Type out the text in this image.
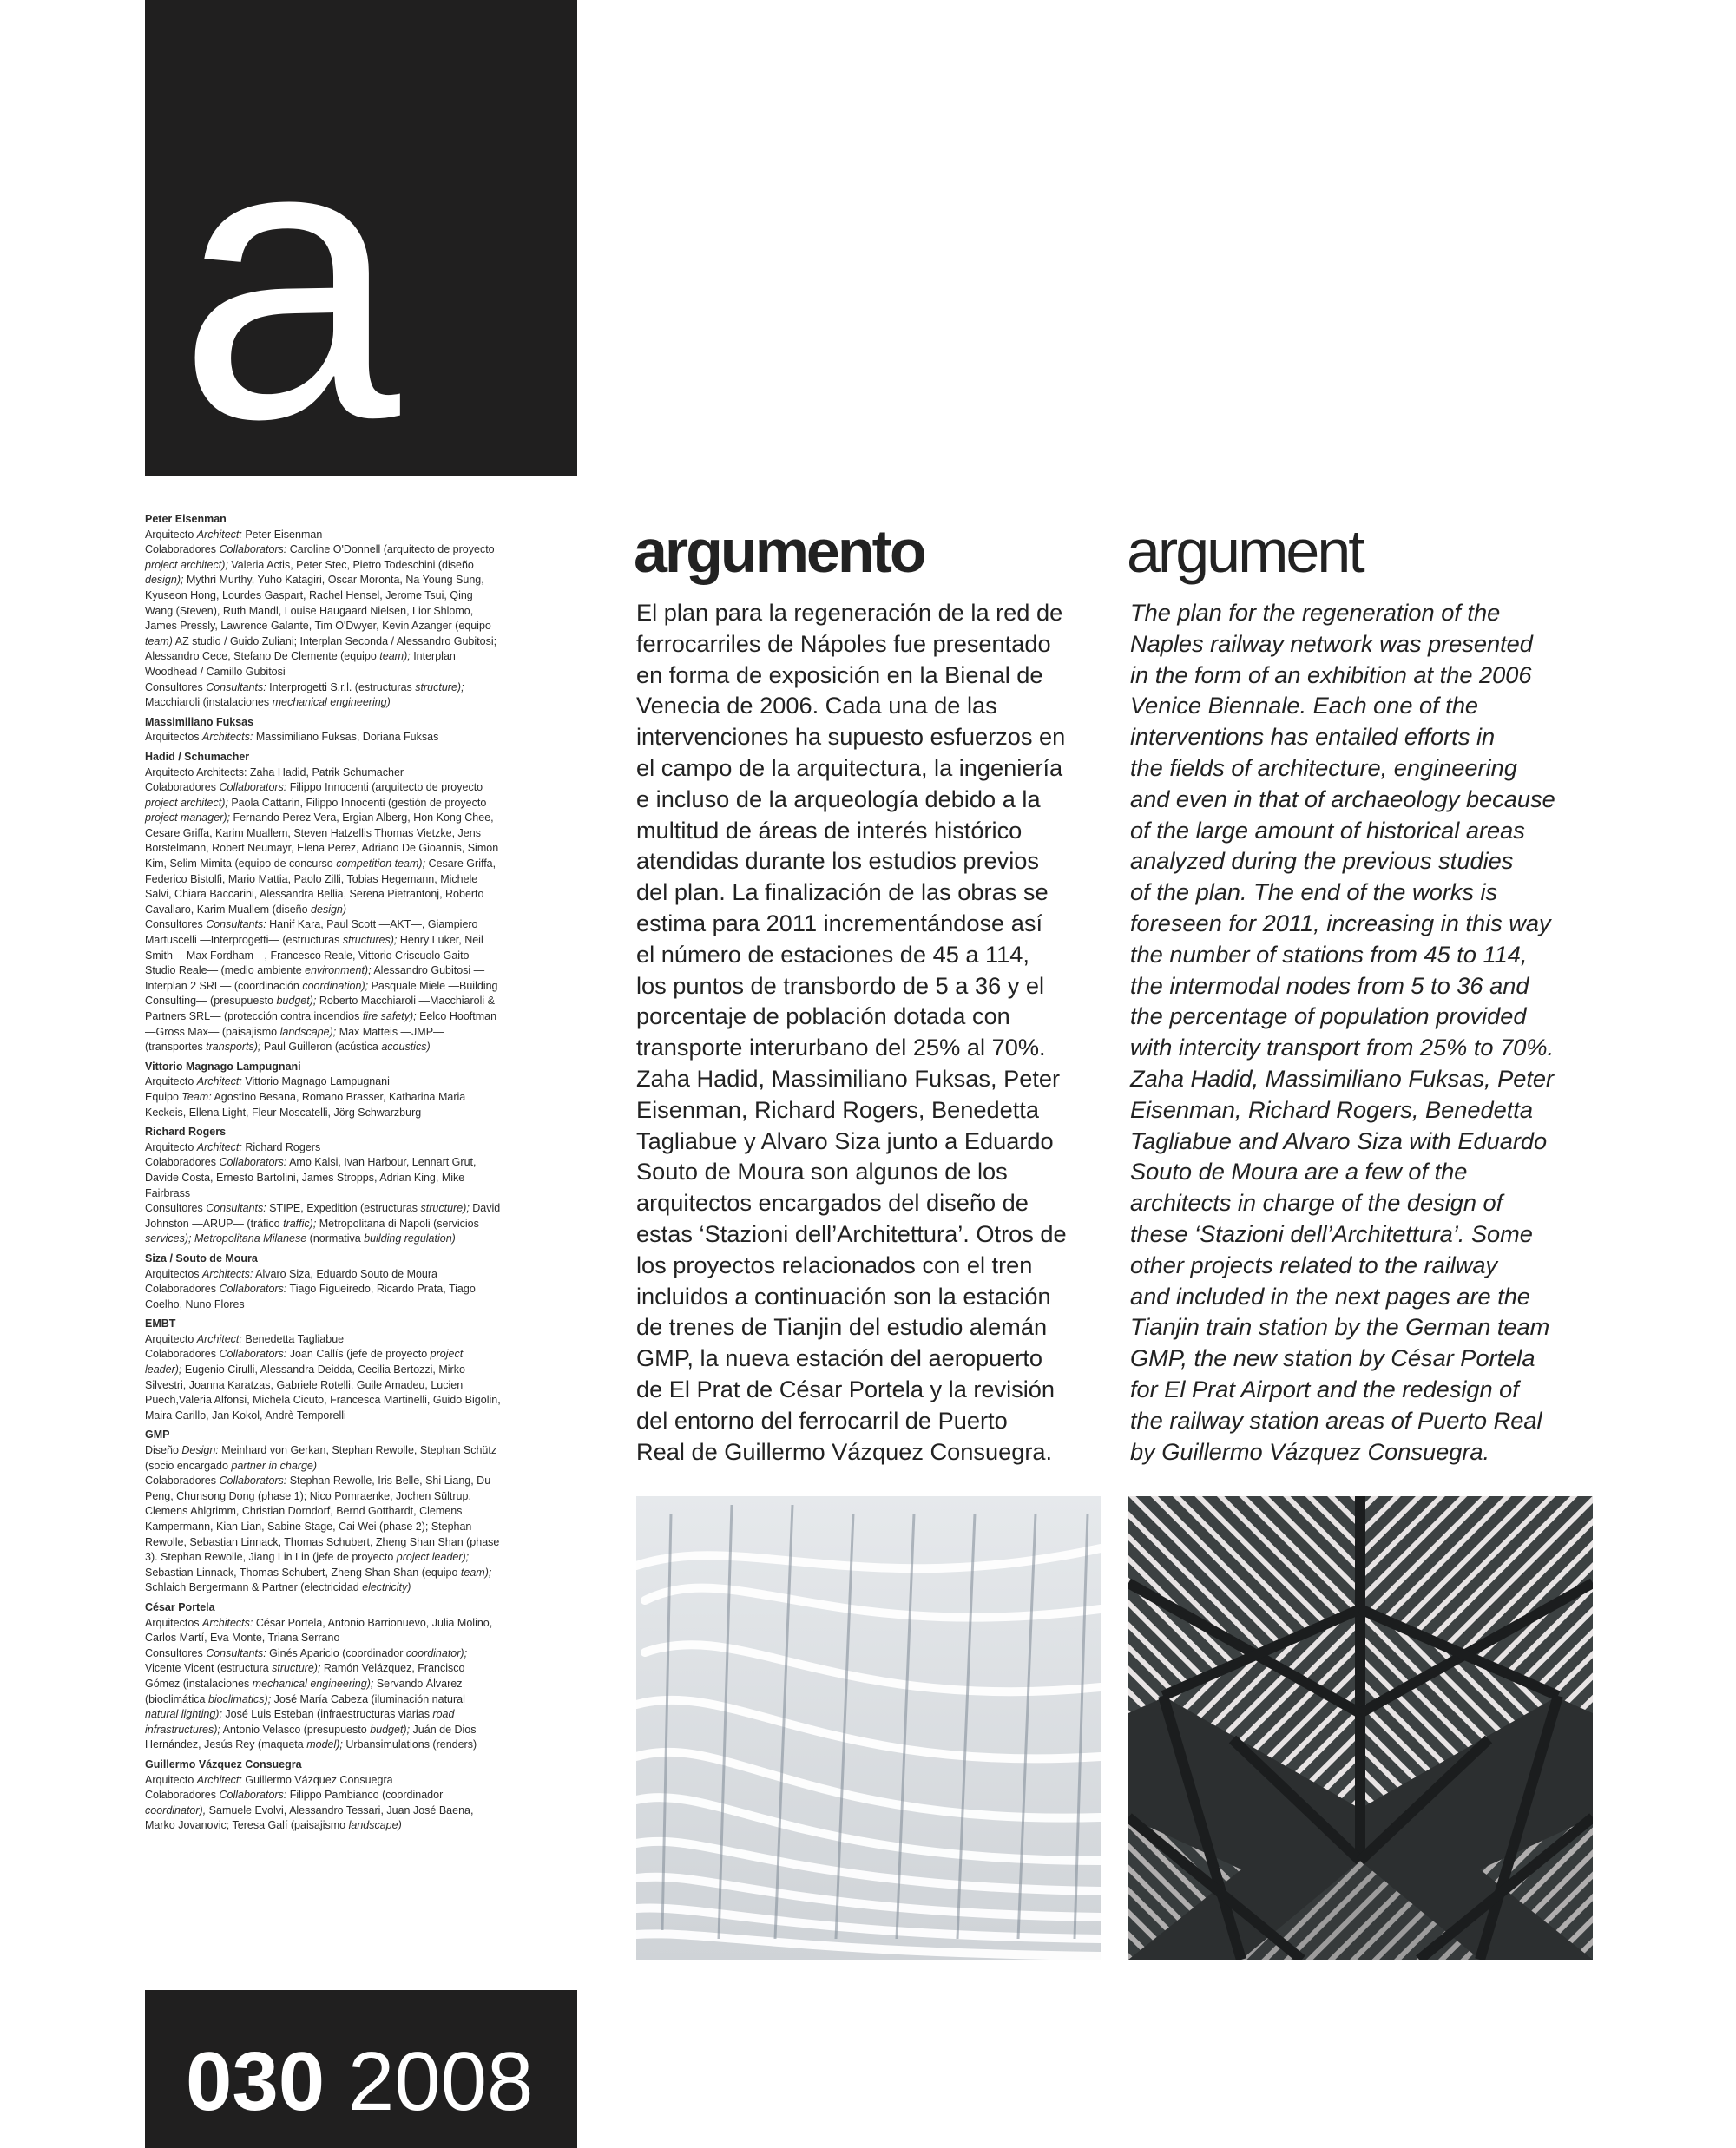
a
Peter Eisenman
Arquitecto Architect: Peter Eisenman
Colaboradores Collaborators: Caroline O'Donnell (arquitecto de proyecto project architect); Valeria Actis, Peter Stec, Pietro Todeschini (diseño design); Mythri Murthy, Yuho Katagiri, Oscar Moronta, Na Young Sung, Kyuseon Hong, Lourdes Gaspart, Rachel Hensel, Jerome Tsui, Qing Wang (Steven), Ruth Mandl, Louise Haugaard Nielsen, Lior Shlomo, James Pressly, Lawrence Galante, Tim O'Dwyer, Kevin Azanger (equipo team) AZ studio / Guido Zuliani; Interplan Seconda / Alessandro Gubitosi; Alessandro Cece, Stefano De Clemente (equipo team); Interplan Woodhead / Camillo Gubitosi
Consultores Consultants: Interprogetti S.r.l. (estructuras structure); Macchiaroli (instalaciones mechanical engineering)
Massimiliano Fuksas
Arquitectos Architects: Massimiliano Fuksas, Doriana Fuksas
Hadid / Schumacher
Arquitecto Architects: Zaha Hadid, Patrik Schumacher
Colaboradores Collaborators: Filippo Innocenti (arquitecto de proyecto project architect); Paola Cattarin, Filippo Innocenti (gestión de proyecto project manager); Fernando Perez Vera, Ergian Alberg, Hon Kong Chee, Cesare Griffa, Karim Muallem, Steven Hatzellis Thomas Vietzke, Jens Borstelmann, Robert Neumayr, Elena Perez, Adriano De Gioannis, Simon Kim, Selim Mimita (equipo de concurso competition team); Cesare Griffa, Federico Bistolfi, Mario Mattia, Paolo Zilli, Tobias Hegemann, Michele Salvi, Chiara Baccarini, Alessandra Bellia, Serena Pietrantonj, Roberto Cavallaro, Karim Muallem (diseño design)
Consultores Consultants: Hanif Kara, Paul Scott —AKT—, Giampiero Martuscelli —Interprogetti— (estructuras structures); Henry Luker, Neil Smith —Max Fordham—, Francesco Reale, Vittorio Criscuolo Gaito —Studio Reale— (medio ambiente environment); Alessandro Gubitosi —Interplan 2 SRL— (coordinación coordination); Pasquale Miele —Building Consulting— (presupuesto budget); Roberto Macchiaroli —Macchiaroli & Partners SRL— (protección contra incendios fire safety); Eelco Hooftman —Gross Max— (paisajismo landscape); Max Matteis —JMP— (transportes transports); Paul Guilleron (acústica acoustics)
Vittorio Magnago Lampugnani
Arquitecto Architect: Vittorio Magnago Lampugnani
Equipo Team: Agostino Besana, Romano Brasser, Katharina Maria Keckeis, Ellena Light, Fleur Moscatelli, Jörg Schwarzburg
Richard Rogers
Arquitecto Architect: Richard Rogers
Colaboradores Collaborators: Amo Kalsi, Ivan Harbour, Lennart Grut, Davide Costa, Ernesto Bartolini, James Stropps, Adrian King, Mike Fairbrass
Consultores Consultants: STIPE, Expedition (estructuras structure); David Johnston —ARUP— (tráfico traffic); Metropolitana di Napoli (servicios services); Metropolitana Milanese (normativa building regulation)
Siza / Souto de Moura
Arquitectos Architects: Alvaro Siza, Eduardo Souto de Moura
Colaboradores Collaborators: Tiago Figueiredo, Ricardo Prata, Tiago Coelho, Nuno Flores
EMBT
Arquitecto Architect: Benedetta Tagliabue
Colaboradores Collaborators: Joan Callís (jefe de proyecto project leader); Eugenio Cirulli, Alessandra Deidda, Cecilia Bertozzi, Mirko Silvestri, Joanna Karatzas, Gabriele Rotelli, Guile Amadeu, Lucien Puech,Valeria Alfonsi, Michela Cicuto, Francesca Martinelli, Guido Bigolin, Maira Carillo, Jan Kokol, Andrè Temporelli
GMP
Diseño Design: Meinhard von Gerkan, Stephan Rewolle, Stephan Schütz (socio encargado partner in charge)
Colaboradores Collaborators: Stephan Rewolle, Iris Belle, Shi Liang, Du Peng, Chunsong Dong (phase 1); Nico Pomraenke, Jochen Sültrup, Clemens Ahlgrimm, Christian Dorndorf, Bernd Gotthardt, Clemens Kampermann, Kian Lian, Sabine Stage, Cai Wei (phase 2); Stephan Rewolle, Sebastian Linnack, Thomas Schubert, Zheng Shan Shan (phase 3). Stephan Rewolle, Jiang Lin Lin (jefe de proyecto project leader); Sebastian Linnack, Thomas Schubert, Zheng Shan Shan (equipo team); Schlaich Bergermann & Partner (electricidad electricity)
César Portela
Arquitectos Architects: César Portela, Antonio Barrionuevo, Julia Molino, Carlos Martí, Eva Monte, Triana Serrano
Consultores Consultants: Ginés Aparicio (coordinador coordinator); Vicente Vicent (estructura structure); Ramón Velázquez, Francisco Gómez (instalaciones mechanical engineering); Servando Álvarez (bioclimática bioclimatics); José María Cabeza (iluminación natural natural lighting); José Luis Esteban (infraestructuras viarias road infrastructures); Antonio Velasco (presupuesto budget); Juán de Dios Hernández, Jesús Rey (maqueta model); Urbansimulations (renders)
Guillermo Vázquez Consuegra
Arquitecto Architect: Guillermo Vázquez Consuegra
Colaboradores Collaborators: Filippo Pambianco (coordinador coordinator), Samuele Evolvi, Alessandro Tessari, Juan José Baena, Marko Jovanovic; Teresa Galí (paisajismo landscape)
argumento	argument
El plan para la regeneración de la red de
ferrocarriles de Nápoles fue presentado
en forma de exposición en la Bienal de
Venecia de 2006. Cada una de las
intervenciones ha supuesto esfuerzos en
el campo de la arquitectura, la ingeniería
e incluso de la arqueología debido a la
multitud de áreas de interés histórico
atendidas durante los estudios previos
del plan. La finalización de las obras se
estima para 2011 incrementándose así
el número de estaciones de 45 a 114,
los puntos de transbordo de 5 a 36 y el
porcentaje de población dotada con
transporte interurbano del 25% al 70%.
Zaha Hadid, Massimiliano Fuksas, Peter
Eisenman, Richard Rogers, Benedetta
Tagliabue y Alvaro Siza junto a Eduardo
Souto de Moura son algunos de los
arquitectos encargados del diseño de
estas ‘Stazioni dell’Architettura’. Otros de
los proyectos relacionados con el tren
incluidos a continuación son la estación
de trenes de Tianjin del estudio alemán
GMP, la nueva estación del aeropuerto
de El Prat de César Portela y la revisión
del entorno del ferrocarril de Puerto
Real de Guillermo Vázquez Consuegra.
The plan for the regeneration of the
Naples railway network was presented
in the form of an exhibition at the 2006
Venice Biennale. Each one of the
interventions has entailed efforts in
the fields of architecture, engineering
and even in that of archaeology because
of the large amount of historical areas
analyzed during the previous studies
of the plan. The end of the works is
foreseen for 2011, increasing in this way
the number of stations from 45 to 114,
the intermodal nodes from 5 to 36 and
the percentage of population provided
with intercity transport from 25% to 70%.
Zaha Hadid, Massimiliano Fuksas, Peter
Eisenman, Richard Rogers, Benedetta
Tagliabue and Alvaro Siza with Eduardo
Souto de Moura are a few of the
architects in charge of the design of
these ‘Stazioni dell’Architettura’. Some
other projects related to the railway
and included in the next pages are the
Tianjin train station by the German team
GMP, the new station by César Portela
for El Prat Airport and the redesign of
the railway station areas of Puerto Real
by Guillermo Vázquez Consuegra.
030 2008
